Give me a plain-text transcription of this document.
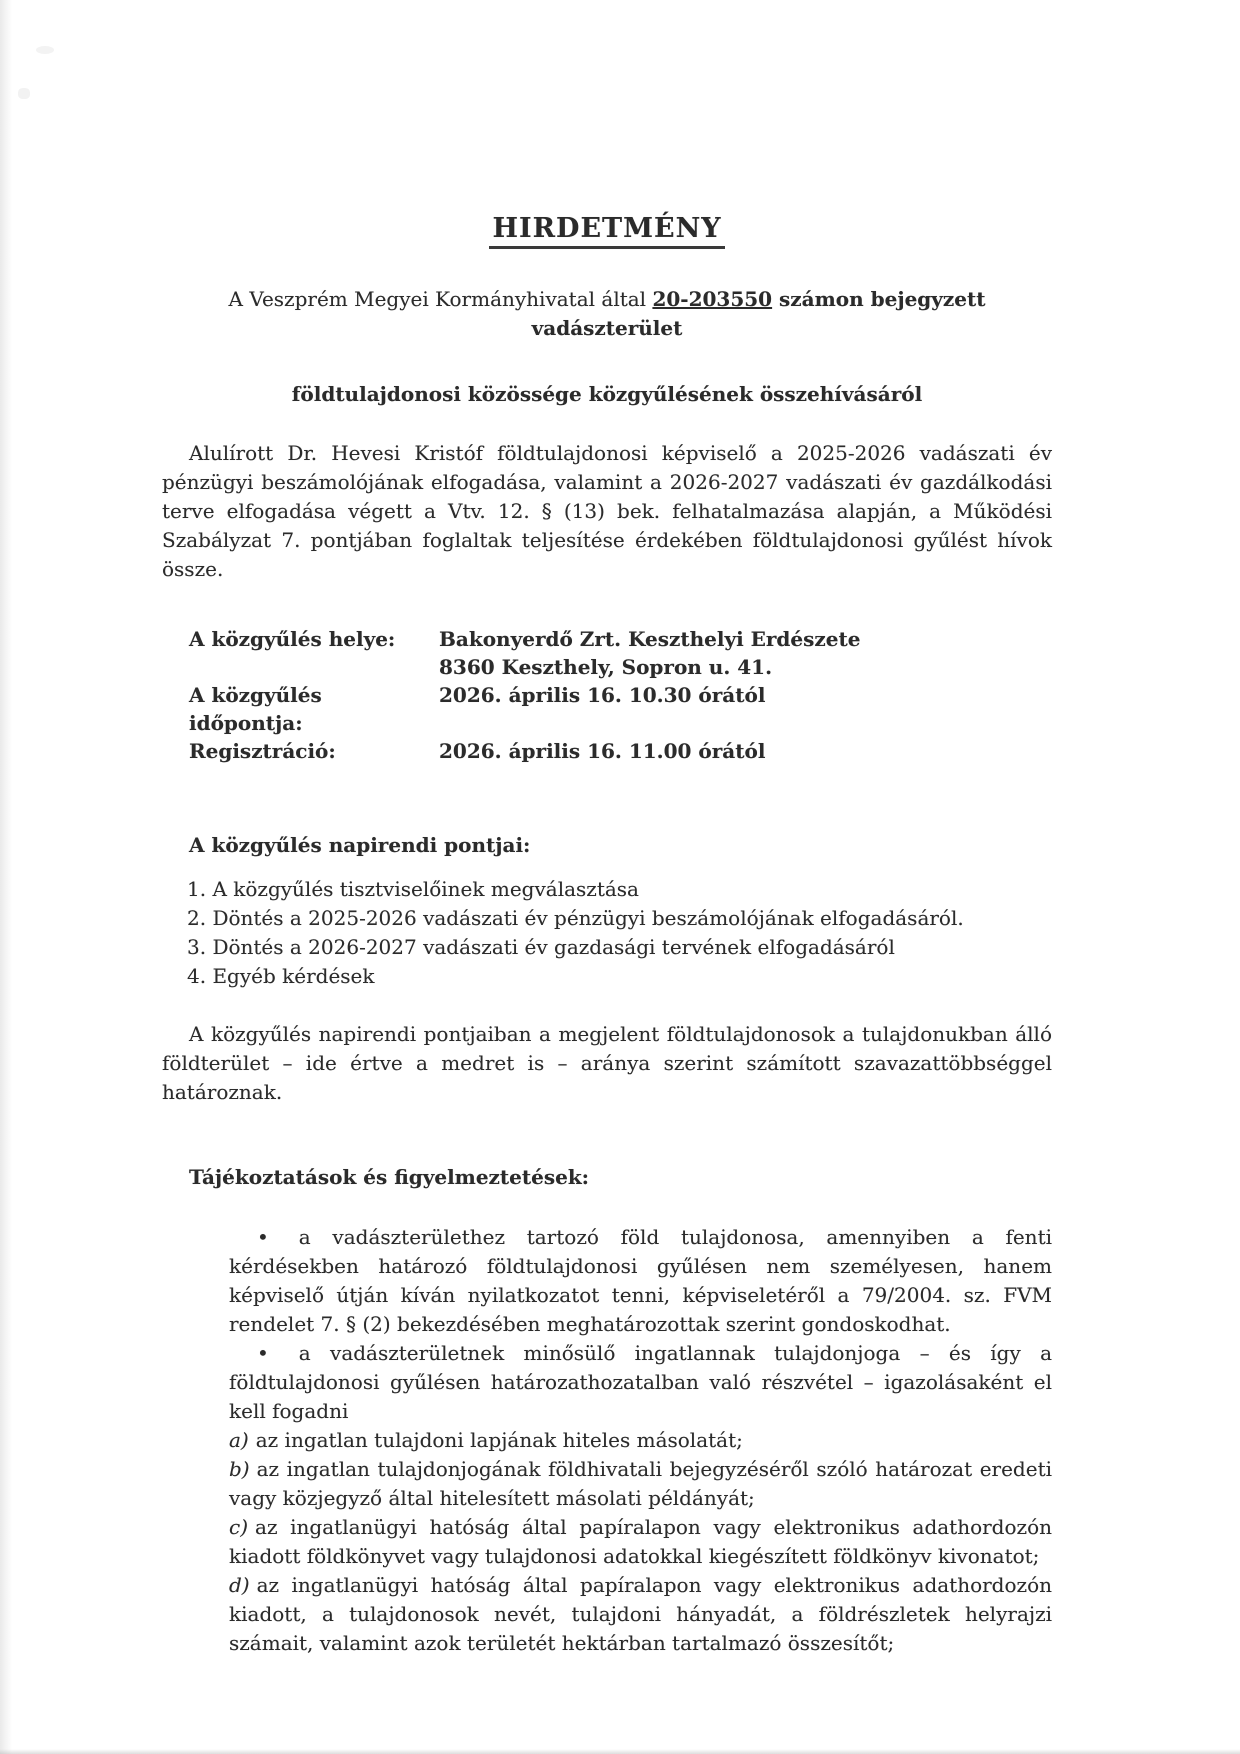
HIRDETMÉNY
A Veszprém Megyei Kormányhivatal által 20-203550 számon bejegyzett vadászterület
földtulajdonosi közössége közgyűlésének összehívásáról

Alulírott Dr. Hevesi Kristóf földtulajdonosi képviselő a 2025-2026 vadászati év pénzügyi beszámolójának elfogadása, valamint a 2026-2027 vadászati év gazdálkodási terve elfogadása végett a Vtv. 12. § (13) bek. felhatalmazása alapján, a Működési Szabályzat 7. pontjában foglaltak teljesítése érdekében földtulajdonosi gyűlést hívok össze.

A közgyűlés helye:	Bakonyerdő Zrt. Keszthelyi Erdészete
8360 Keszthely, Sopron u. 41.
A közgyűlés időpontja:
2026. április 16. 10.30 órától
Regisztráció:	2026. április 16. 11.00 órától
A közgyűlés napirendi pontjai:
1. A közgyűlés tisztviselőinek megválasztása
2. Döntés a 2025-2026 vadászati év pénzügyi beszámolójának elfogadásáról.
3. Döntés a 2026-2027 vadászati év gazdasági tervének elfogadásáról
4. Egyéb kérdések

A közgyűlés napirendi pontjaiban a megjelent földtulajdonosok a tulajdonukban álló földterület – ide értve a medret is – aránya szerint számított szavazattöbbséggel határoznak.

Tájékoztatások és figyelmeztetések:

• a vadászterülethez tartozó föld tulajdonosa, amennyiben a fenti kérdésekben határozó földtulajdonosi gyűlésen nem személyesen, hanem képviselő útján kíván nyilatkozatot tenni, képviseletéről a 79/2004. sz. FVM rendelet 7. § (2) bekezdésében meghatározottak szerint gondoskodhat.

• a vadászterületnek minősülő ingatlannak tulajdonjoga – és így a földtulajdonosi gyűlésen határozathozatalban való részvétel – igazolásaként el kell fogadni

a) az ingatlan tulajdoni lapjának hiteles másolatát;

b) az ingatlan tulajdonjogának földhivatali bejegyzéséről szóló határozat eredeti vagy közjegyző által hitelesített másolati példányát;

c) az ingatlanügyi hatóság által papíralapon vagy elektronikus adathordozón kiadott földkönyvet vagy tulajdonosi adatokkal kiegészített földkönyv kivonatot;

d) az ingatlanügyi hatóság által papíralapon vagy elektronikus adathordozón kiadott, a tulajdonosok nevét, tulajdoni hányadát, a földrészletek helyrajzi számait, valamint azok területét hektárban tartalmazó összesítőt;
